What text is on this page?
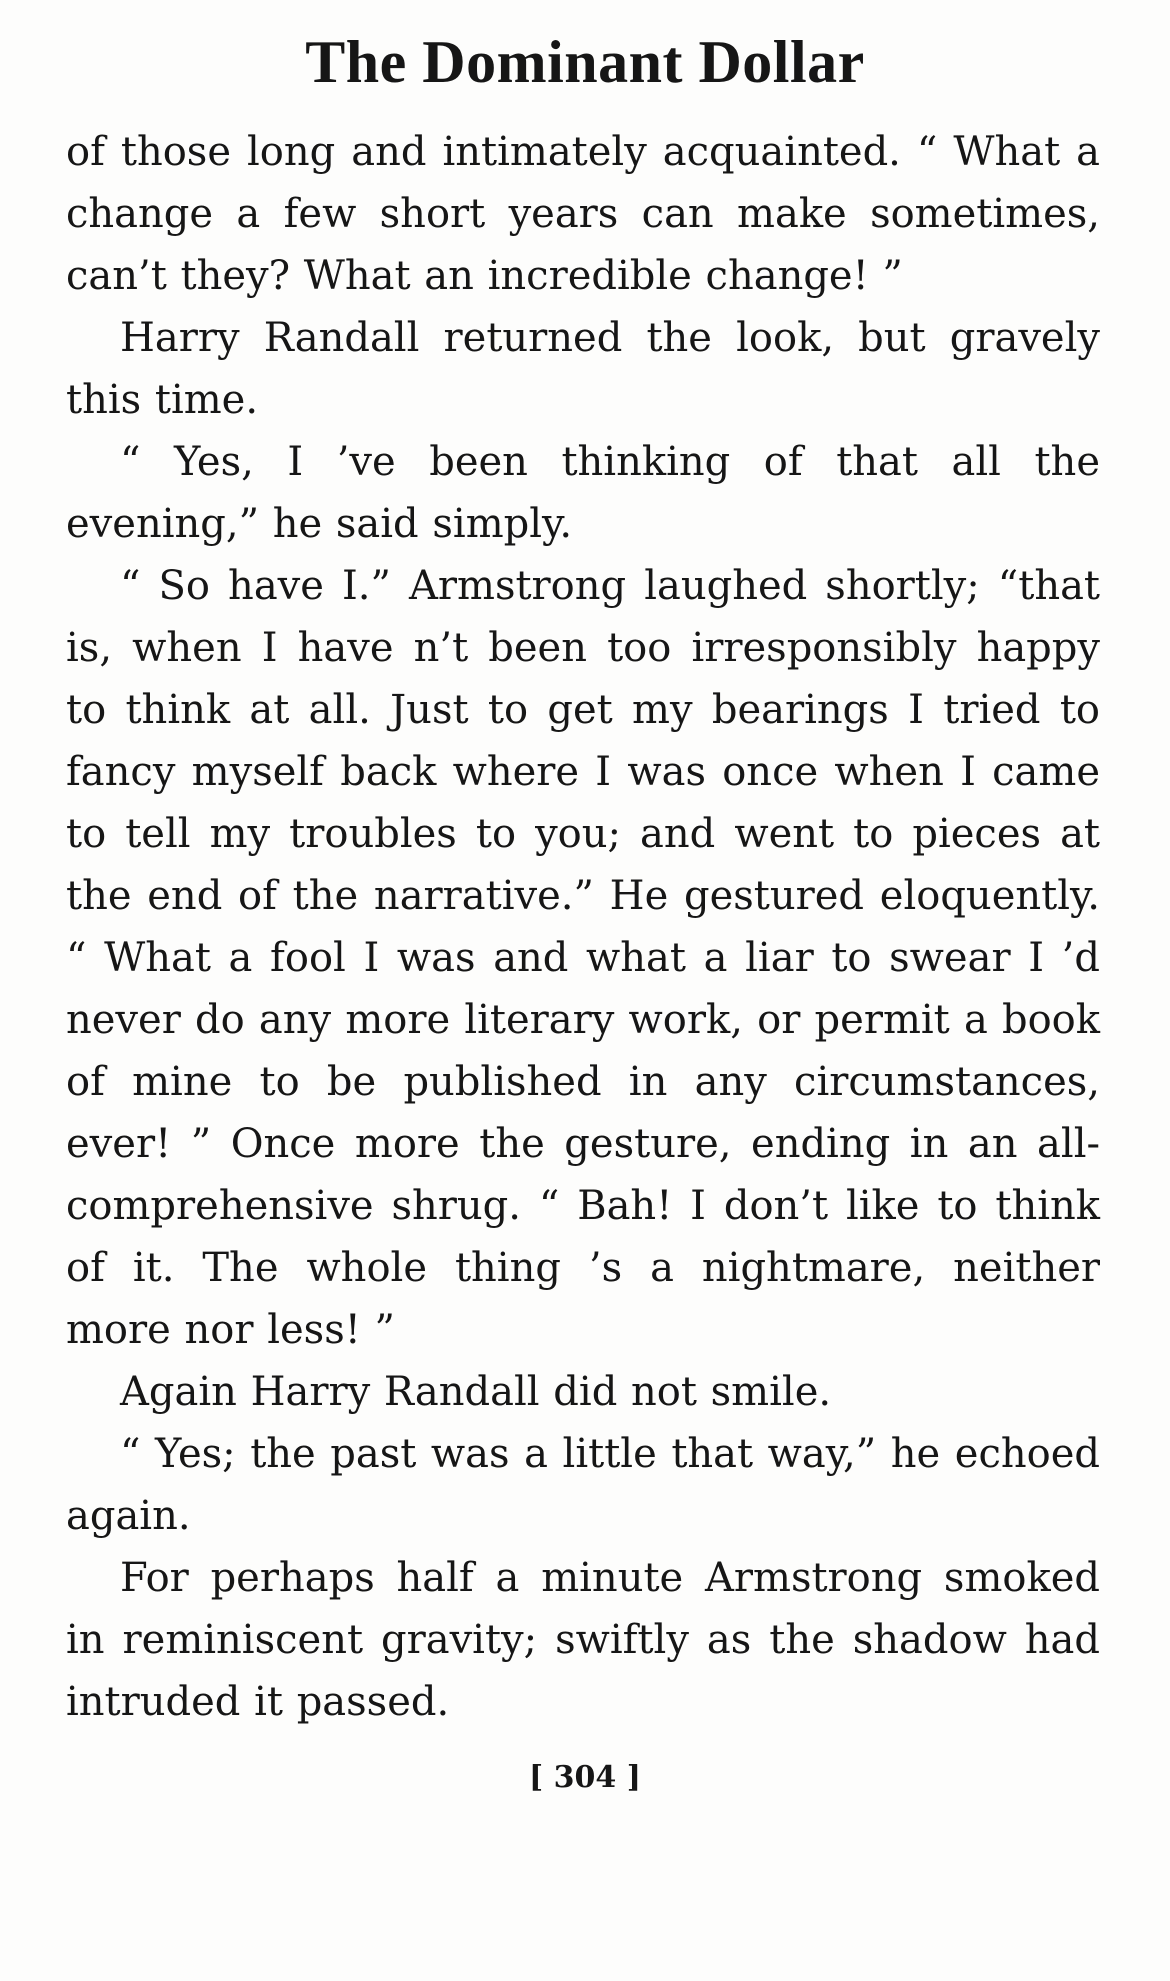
The Dominant Dollar

of those long and intimately acquainted. “ What a change a few short years can make sometimes, can’t they? What an incredible change! ”

Harry Randall returned the look, but gravely this time.

“ Yes, I ’ve been thinking of that all the evening,” he said simply.

“ So have I.” Armstrong laughed shortly; “that is, when I have n’t been too irresponsibly happy to think at all. Just to get my bearings I tried to fancy myself back where I was once when I came to tell my troubles to you; and went to pieces at the end of the narrative.” He gestured eloquently. “ What a fool I was and what a liar to swear I ’d never do any more literary work, or permit a book of mine to be published in any circumstances, ever! ” Once more the gesture, ending in an all-comprehensive shrug. “ Bah! I don’t like to think of it. The whole thing ’s a nightmare, neither more nor less! ”

Again Harry Randall did not smile.

“ Yes; the past was a little that way,” he echoed again.

For perhaps half a minute Armstrong smoked in reminiscent gravity; swiftly as the shadow had intruded it passed.

[ 304 ]
